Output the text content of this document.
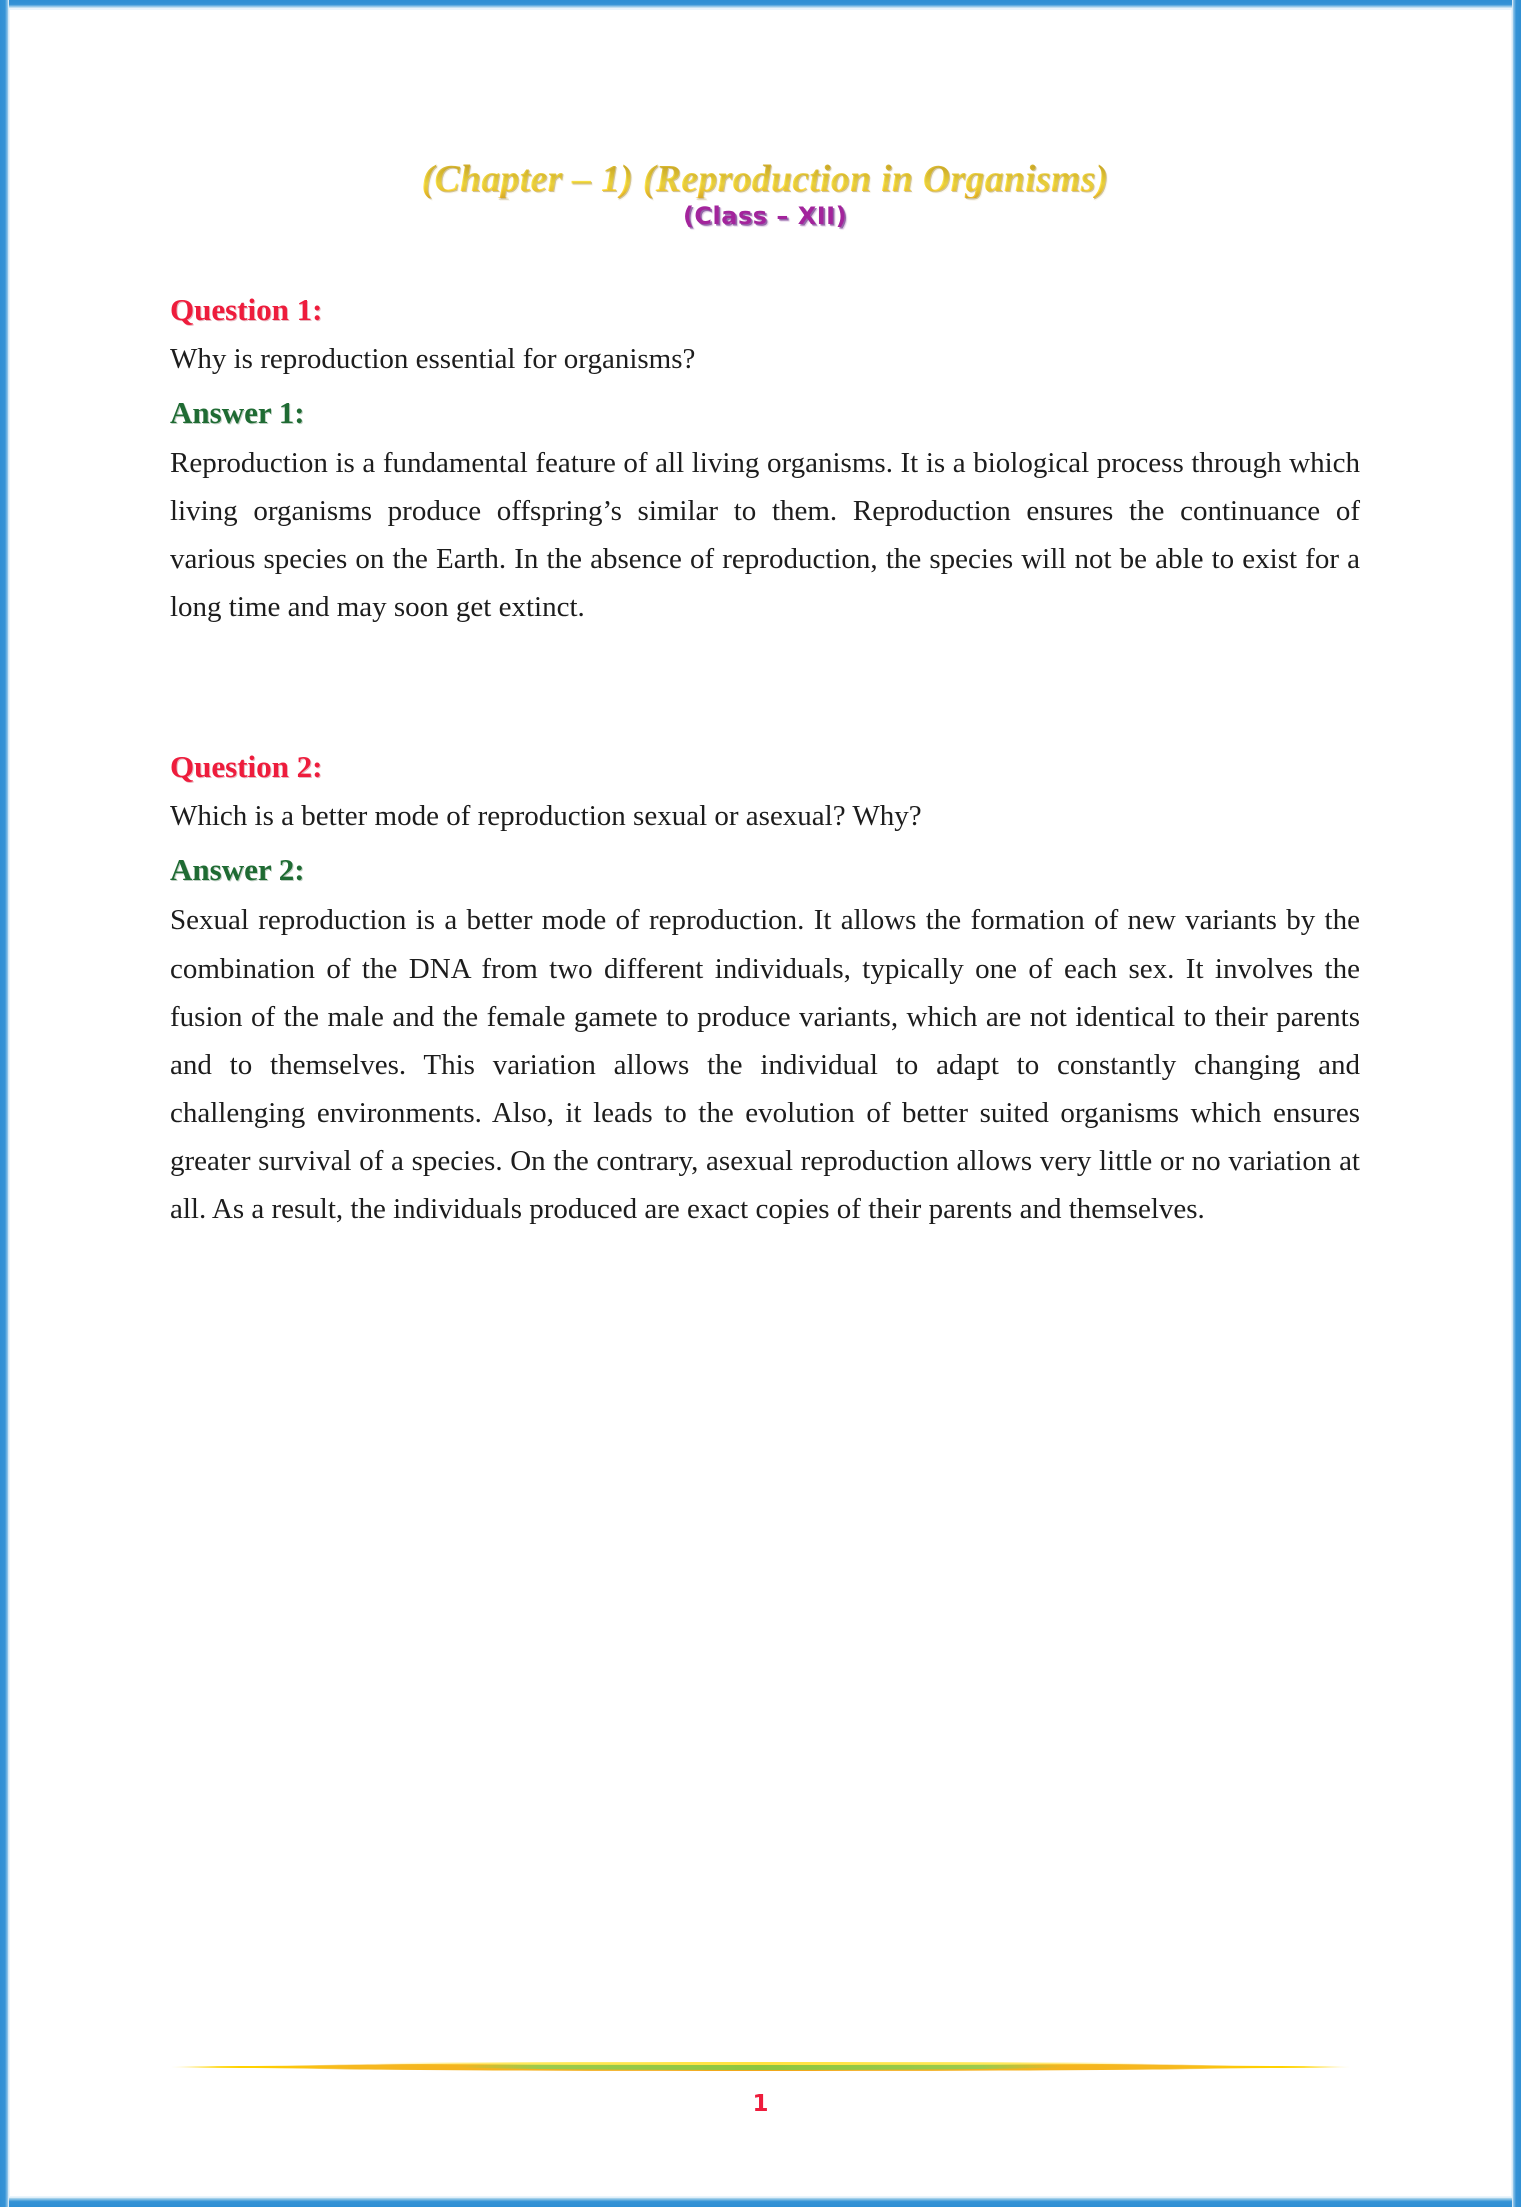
(Chapter – 1) (Reproduction in Organisms)
(Class – XII)
Question 1:

Why is reproduction essential for organisms?

Answer 1:

Reproduction is a fundamental feature of all living organisms. It is a biological process through which living organisms produce offspring’s similar to them. Reproduction ensures the continuance of various species on the Earth. In the absence of reproduction, the species will not be able to exist for a long time and may soon get extinct.

Question 2:

Which is a better mode of reproduction sexual or asexual? Why?

Answer 2:

Sexual reproduction is a better mode of reproduction. It allows the formation of new variants by the combination of the DNA from two different individuals, typically one of each sex. It involves the fusion of the male and the female gamete to produce variants, which are not identical to their parents and to themselves. This variation allows the individual to adapt to constantly changing and challenging environments. Also, it leads to the evolution of better suited organisms which ensures greater survival of a species. On the contrary, asexual reproduction allows very little or no variation at all. As a result, the individuals produced are exact copies of their parents and themselves.

1
